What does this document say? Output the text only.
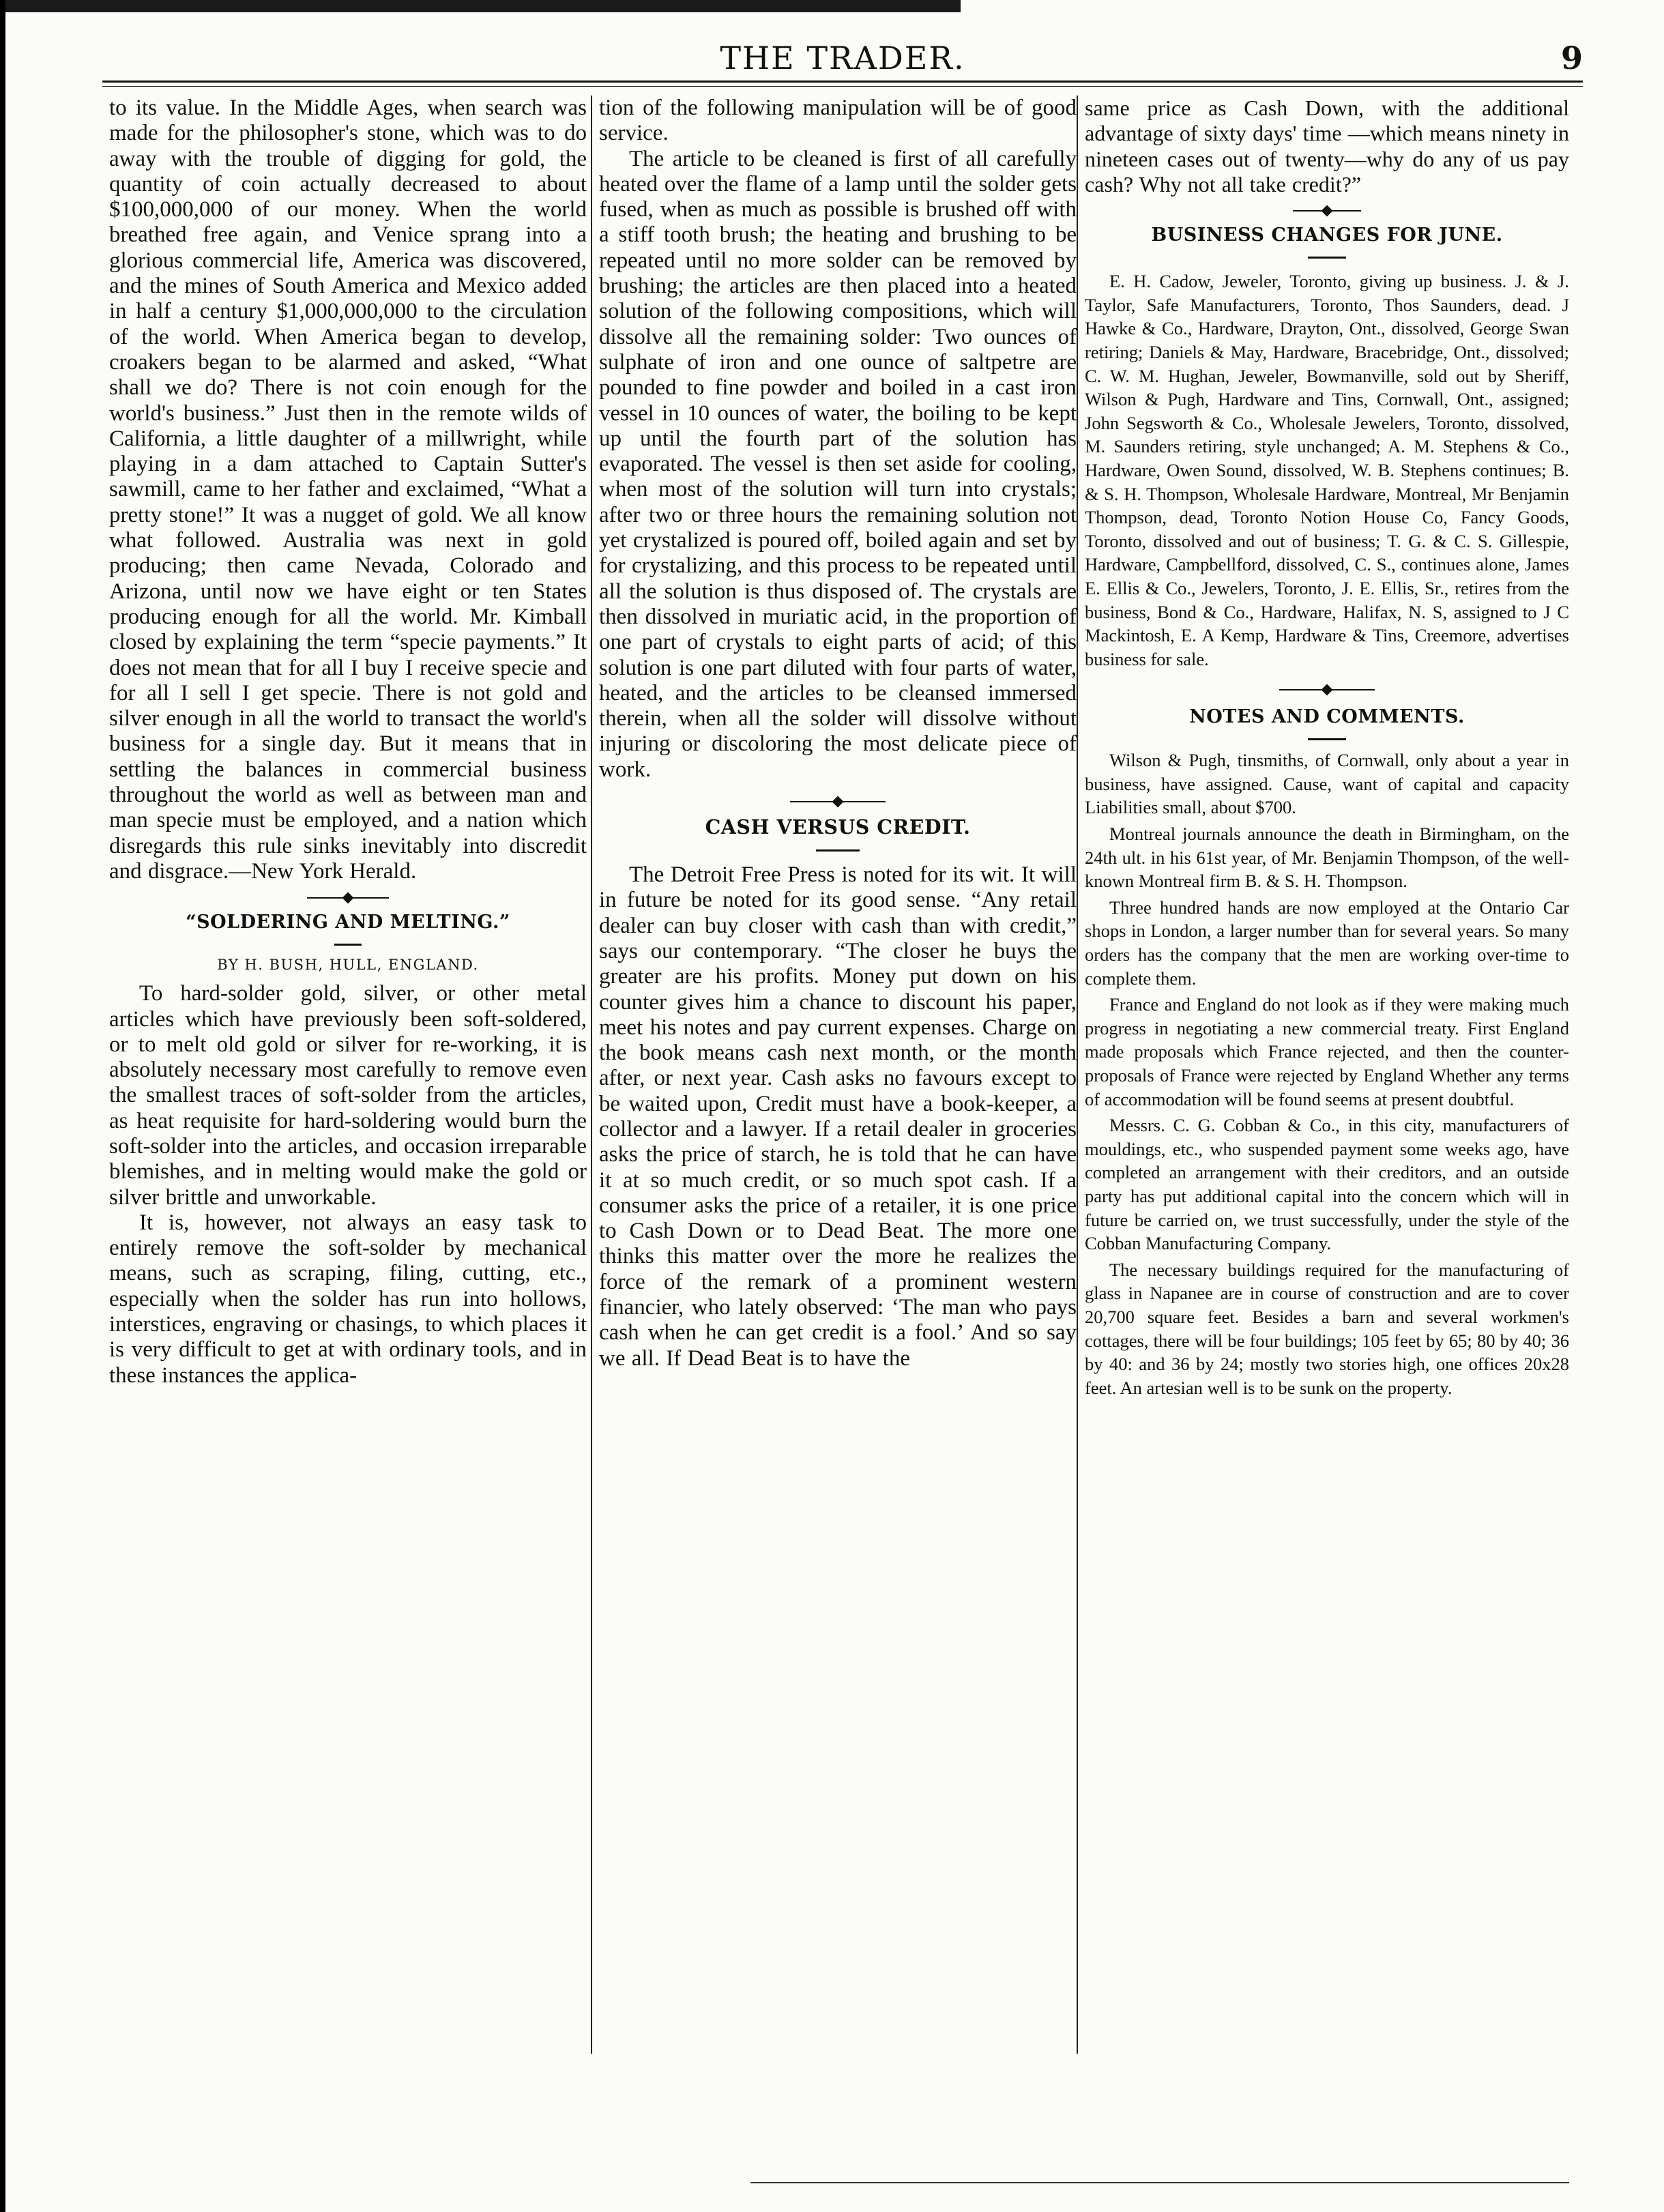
THE TRADER.	9

to its value. In the Middle Ages, when search was made for the philosopher's stone, which was to do away with the trouble of digging for gold, the quantity of coin actually decreased to about $100,000,000 of our money. When the world breathed free again, and Venice sprang into a glorious commercial life, America was discovered, and the mines of South America and Mexico added in half a century $1,000,000,000 to the circulation of the world. When America began to develop, croakers began to be alarmed and asked, “What shall we do? There is not coin enough for the world's business.” Just then in the remote wilds of California, a little daughter of a millwright, while playing in a dam attached to Captain Sutter's sawmill, came to her father and exclaimed, “What a pretty stone!” It was a nugget of gold. We all know what followed. Australia was next in gold producing; then came Nevada, Colorado and Arizona, until now we have eight or ten States producing enough for all the world. Mr. Kimball closed by explaining the term “specie payments.” It does not mean that for all I buy I receive specie and for all I sell I get specie. There is not gold and silver enough in all the world to transact the world's business for a single day. But it means that in settling the balances in commercial business throughout the world as well as between man and man specie must be employed, and a nation which disregards this rule sinks inevitably into discredit and disgrace.—New York Herald.

“SOLDERING AND MELTING.”

BY H. BUSH, HULL, ENGLAND.

To hard-solder gold, silver, or other metal articles which have previously been soft-soldered, or to melt old gold or silver for re-working, it is absolutely necessary most carefully to remove even the smallest traces of soft-solder from the articles, as heat requisite for hard-soldering would burn the soft-solder into the articles, and occasion irreparable blemishes, and in melting would make the gold or silver brittle and unworkable.

It is, however, not always an easy task to entirely remove the soft-solder by mechanical means, such as scraping, filing, cutting, etc., especially when the solder has run into hollows, interstices, engraving or chasings, to which places it is very difficult to get at with ordinary tools, and in these instances the applica-

tion of the following manipulation will be of good service.

The article to be cleaned is first of all carefully heated over the flame of a lamp until the solder gets fused, when as much as possible is brushed off with a stiff tooth brush; the heating and brushing to be repeated until no more solder can be removed by brushing; the articles are then placed into a heated solution of the following compositions, which will dissolve all the remaining solder: Two ounces of sulphate of iron and one ounce of saltpetre are pounded to fine powder and boiled in a cast iron vessel in 10 ounces of water, the boiling to be kept up until the fourth part of the solution has evaporated. The vessel is then set aside for cooling, when most of the solution will turn into crystals; after two or three hours the remaining solution not yet crystalized is poured off, boiled again and set by for crystalizing, and this process to be repeated until all the solution is thus disposed of. The crystals are then dissolved in muriatic acid, in the proportion of one part of crystals to eight parts of acid; of this solution is one part diluted with four parts of water, heated, and the articles to be cleansed immersed therein, when all the solder will dissolve without injuring or discoloring the most delicate piece of work.

CASH VERSUS CREDIT.

The Detroit Free Press is noted for its wit. It will in future be noted for its good sense. “Any retail dealer can buy closer with cash than with credit,” says our contemporary. “The closer he buys the greater are his profits. Money put down on his counter gives him a chance to discount his paper, meet his notes and pay current expenses. Charge on the book means cash next month, or the month after, or next year. Cash asks no favours except to be waited upon, Credit must have a book-keeper, a collector and a lawyer. If a retail dealer in groceries asks the price of starch, he is told that he can have it at so much credit, or so much spot cash. If a consumer asks the price of a retailer, it is one price to Cash Down or to Dead Beat. The more one thinks this matter over the more he realizes the force of the remark of a prominent western financier, who lately observed: ‘The man who pays cash when he can get credit is a fool.’ And so say we all. If Dead Beat is to have the

same price as Cash Down, with the additional advantage of sixty days' time —which means ninety in nineteen cases out of twenty—why do any of us pay cash? Why not all take credit?”

BUSINESS CHANGES FOR JUNE.

E. H. Cadow, Jeweler, Toronto, giving up business. J. & J. Taylor, Safe Manufacturers, Toronto, Thos Saunders, dead. J Hawke & Co., Hardware, Drayton, Ont., dissolved, George Swan retiring; Daniels & May, Hardware, Bracebridge, Ont., dissolved; C. W. M. Hughan, Jeweler, Bowmanville, sold out by Sheriff, Wilson & Pugh, Hardware and Tins, Cornwall, Ont., assigned; John Segsworth & Co., Wholesale Jewelers, Toronto, dissolved, M. Saunders retiring, style unchanged; A. M. Stephens & Co., Hardware, Owen Sound, dissolved, W. B. Stephens continues; B. & S. H. Thompson, Wholesale Hardware, Montreal, Mr Benjamin Thompson, dead, Toronto Notion House Co, Fancy Goods, Toronto, dissolved and out of business; T. G. & C. S. Gillespie, Hardware, Campbellford, dissolved, C. S., continues alone, James E. Ellis & Co., Jewelers, Toronto, J. E. Ellis, Sr., retires from the business, Bond & Co., Hardware, Halifax, N. S, assigned to J C Mackintosh, E. A Kemp, Hardware & Tins, Creemore, advertises business for sale.

NOTES AND COMMENTS.

Wilson & Pugh, tinsmiths, of Cornwall, only about a year in business, have assigned. Cause, want of capital and capacity Liabilities small, about $700.

Montreal journals announce the death in Birmingham, on the 24th ult. in his 61st year, of Mr. Benjamin Thompson, of the well-known Montreal firm B. & S. H. Thompson.

Three hundred hands are now employed at the Ontario Car shops in London, a larger number than for several years. So many orders has the company that the men are working over-time to complete them.

France and England do not look as if they were making much progress in negotiating a new commercial treaty. First England made proposals which France rejected, and then the counter-proposals of France were rejected by England Whether any terms of accommodation will be found seems at present doubtful.

Messrs. C. G. Cobban & Co., in this city, manufacturers of mouldings, etc., who suspended payment some weeks ago, have completed an arrangement with their creditors, and an outside party has put additional capital into the concern which will in future be carried on, we trust successfully, under the style of the Cobban Manufacturing Company.

The necessary buildings required for the manufacturing of glass in Napanee are in course of construction and are to cover 20,700 square feet. Besides a barn and several workmen's cottages, there will be four buildings; 105 feet by 65; 80 by 40; 36 by 40: and 36 by 24; mostly two stories high, one offices 20x28 feet. An artesian well is to be sunk on the property.
